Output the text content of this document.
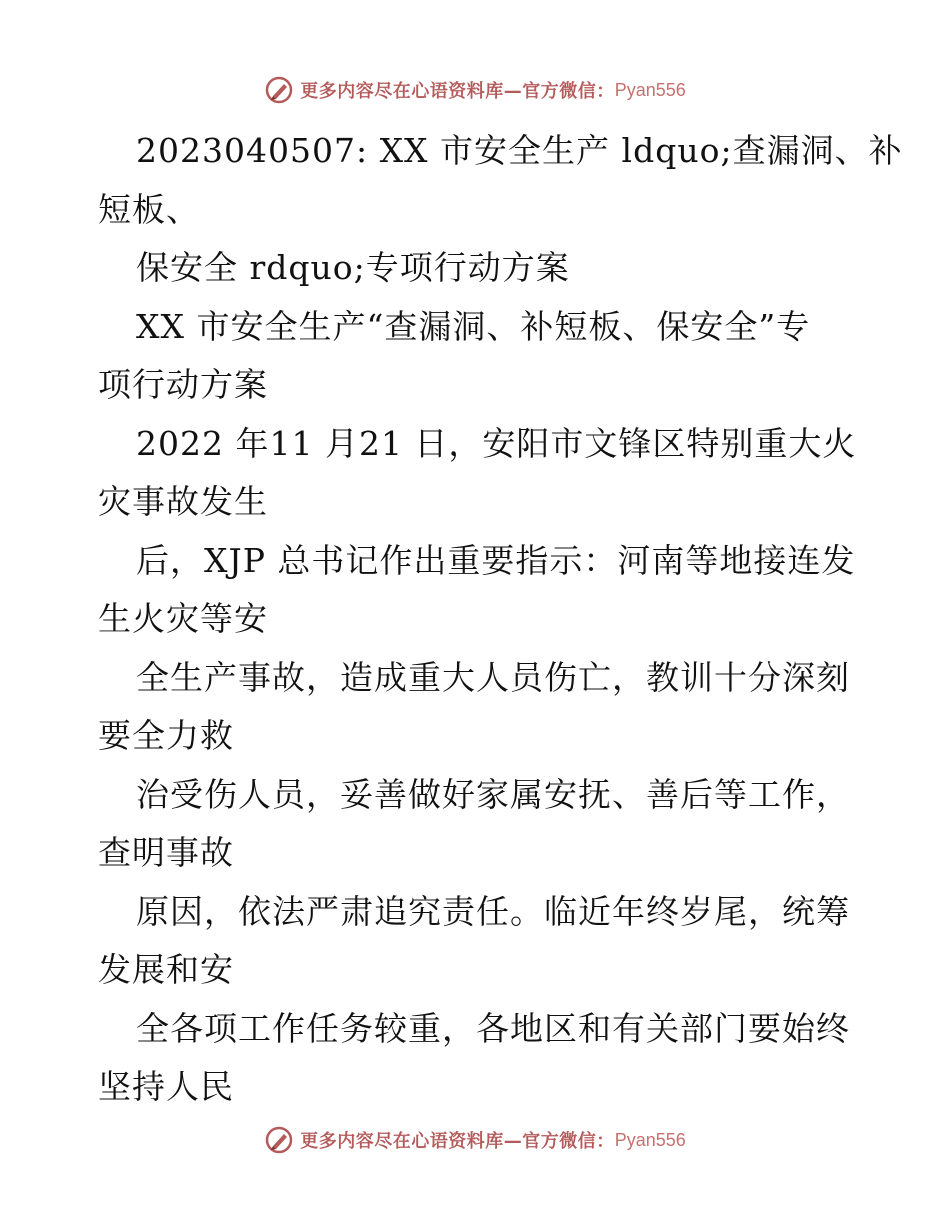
更多内容尽在心语资料库—官方微信： Pyan556
2023040507: XX 市安全生产 ldquo;查漏洞、补
短板、
保安全 rdquo;专项行动方案
XX 市安全生产“查漏洞、补短板、保安全”专
项行动方案
2022 年11 月21 日，安阳市文锋区特别重大火
灾事故发生
后，XJP 总书记作出重要指示：河南等地接连发
生火灾等安
全生产事故，造成重大人员伤亡，教训十分深刻
要全力救
治受伤人员，妥善做好家属安抚、善后等工作，
查明事故
原因，依法严肃追究责任。临近年终岁尾，统筹
发展和安
全各项工作任务较重，各地区和有关部门要始终
坚持人民
更多内容尽在心语资料库—官方微信： Pyan556
